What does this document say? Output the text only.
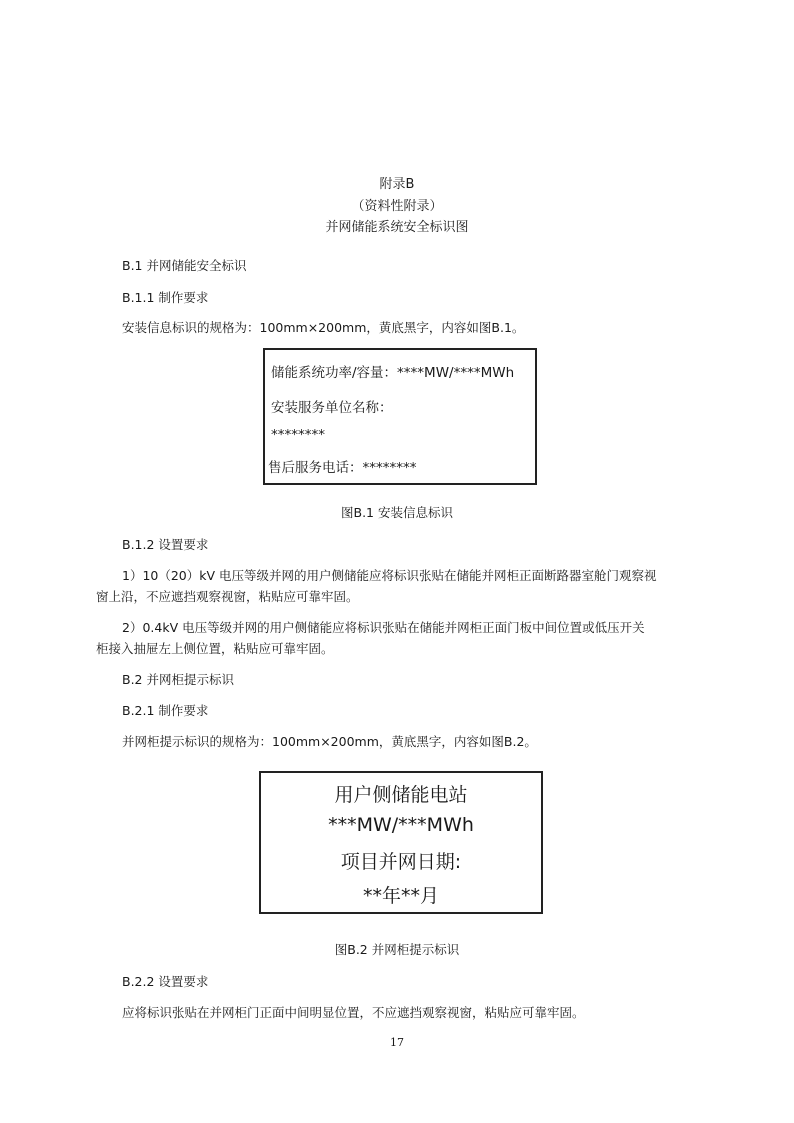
附录B
（资料性附录）
并网储能系统安全标识图
B.1 并网储能安全标识
B.1.1 制作要求
安装信息标识的规格为：100mm×200mm，黄底黑字，内容如图B.1。
储能系统功率/容量：****MW/****MWh
安装服务单位名称：
********
售后服务电话：********
图B.1 安装信息标识
B.1.2 设置要求
1）10（20）kV 电压等级并网的用户侧储能应将标识张贴在储能并网柜正面断路器室舱门观察视
窗上沿，不应遮挡观察视窗，粘贴应可靠牢固。
2）0.4kV 电压等级并网的用户侧储能应将标识张贴在储能并网柜正面门板中间位置或低压开关
柜接入抽屉左上侧位置，粘贴应可靠牢固。
B.2 并网柜提示标识
B.2.1 制作要求
并网柜提示标识的规格为：100mm×200mm，黄底黑字，内容如图B.2。
用户侧储能电站
***MW/***MWh
项目并网日期:
**年**月
图B.2 并网柜提示标识
B.2.2 设置要求
应将标识张贴在并网柜门正面中间明显位置，不应遮挡观察视窗，粘贴应可靠牢固。
17
